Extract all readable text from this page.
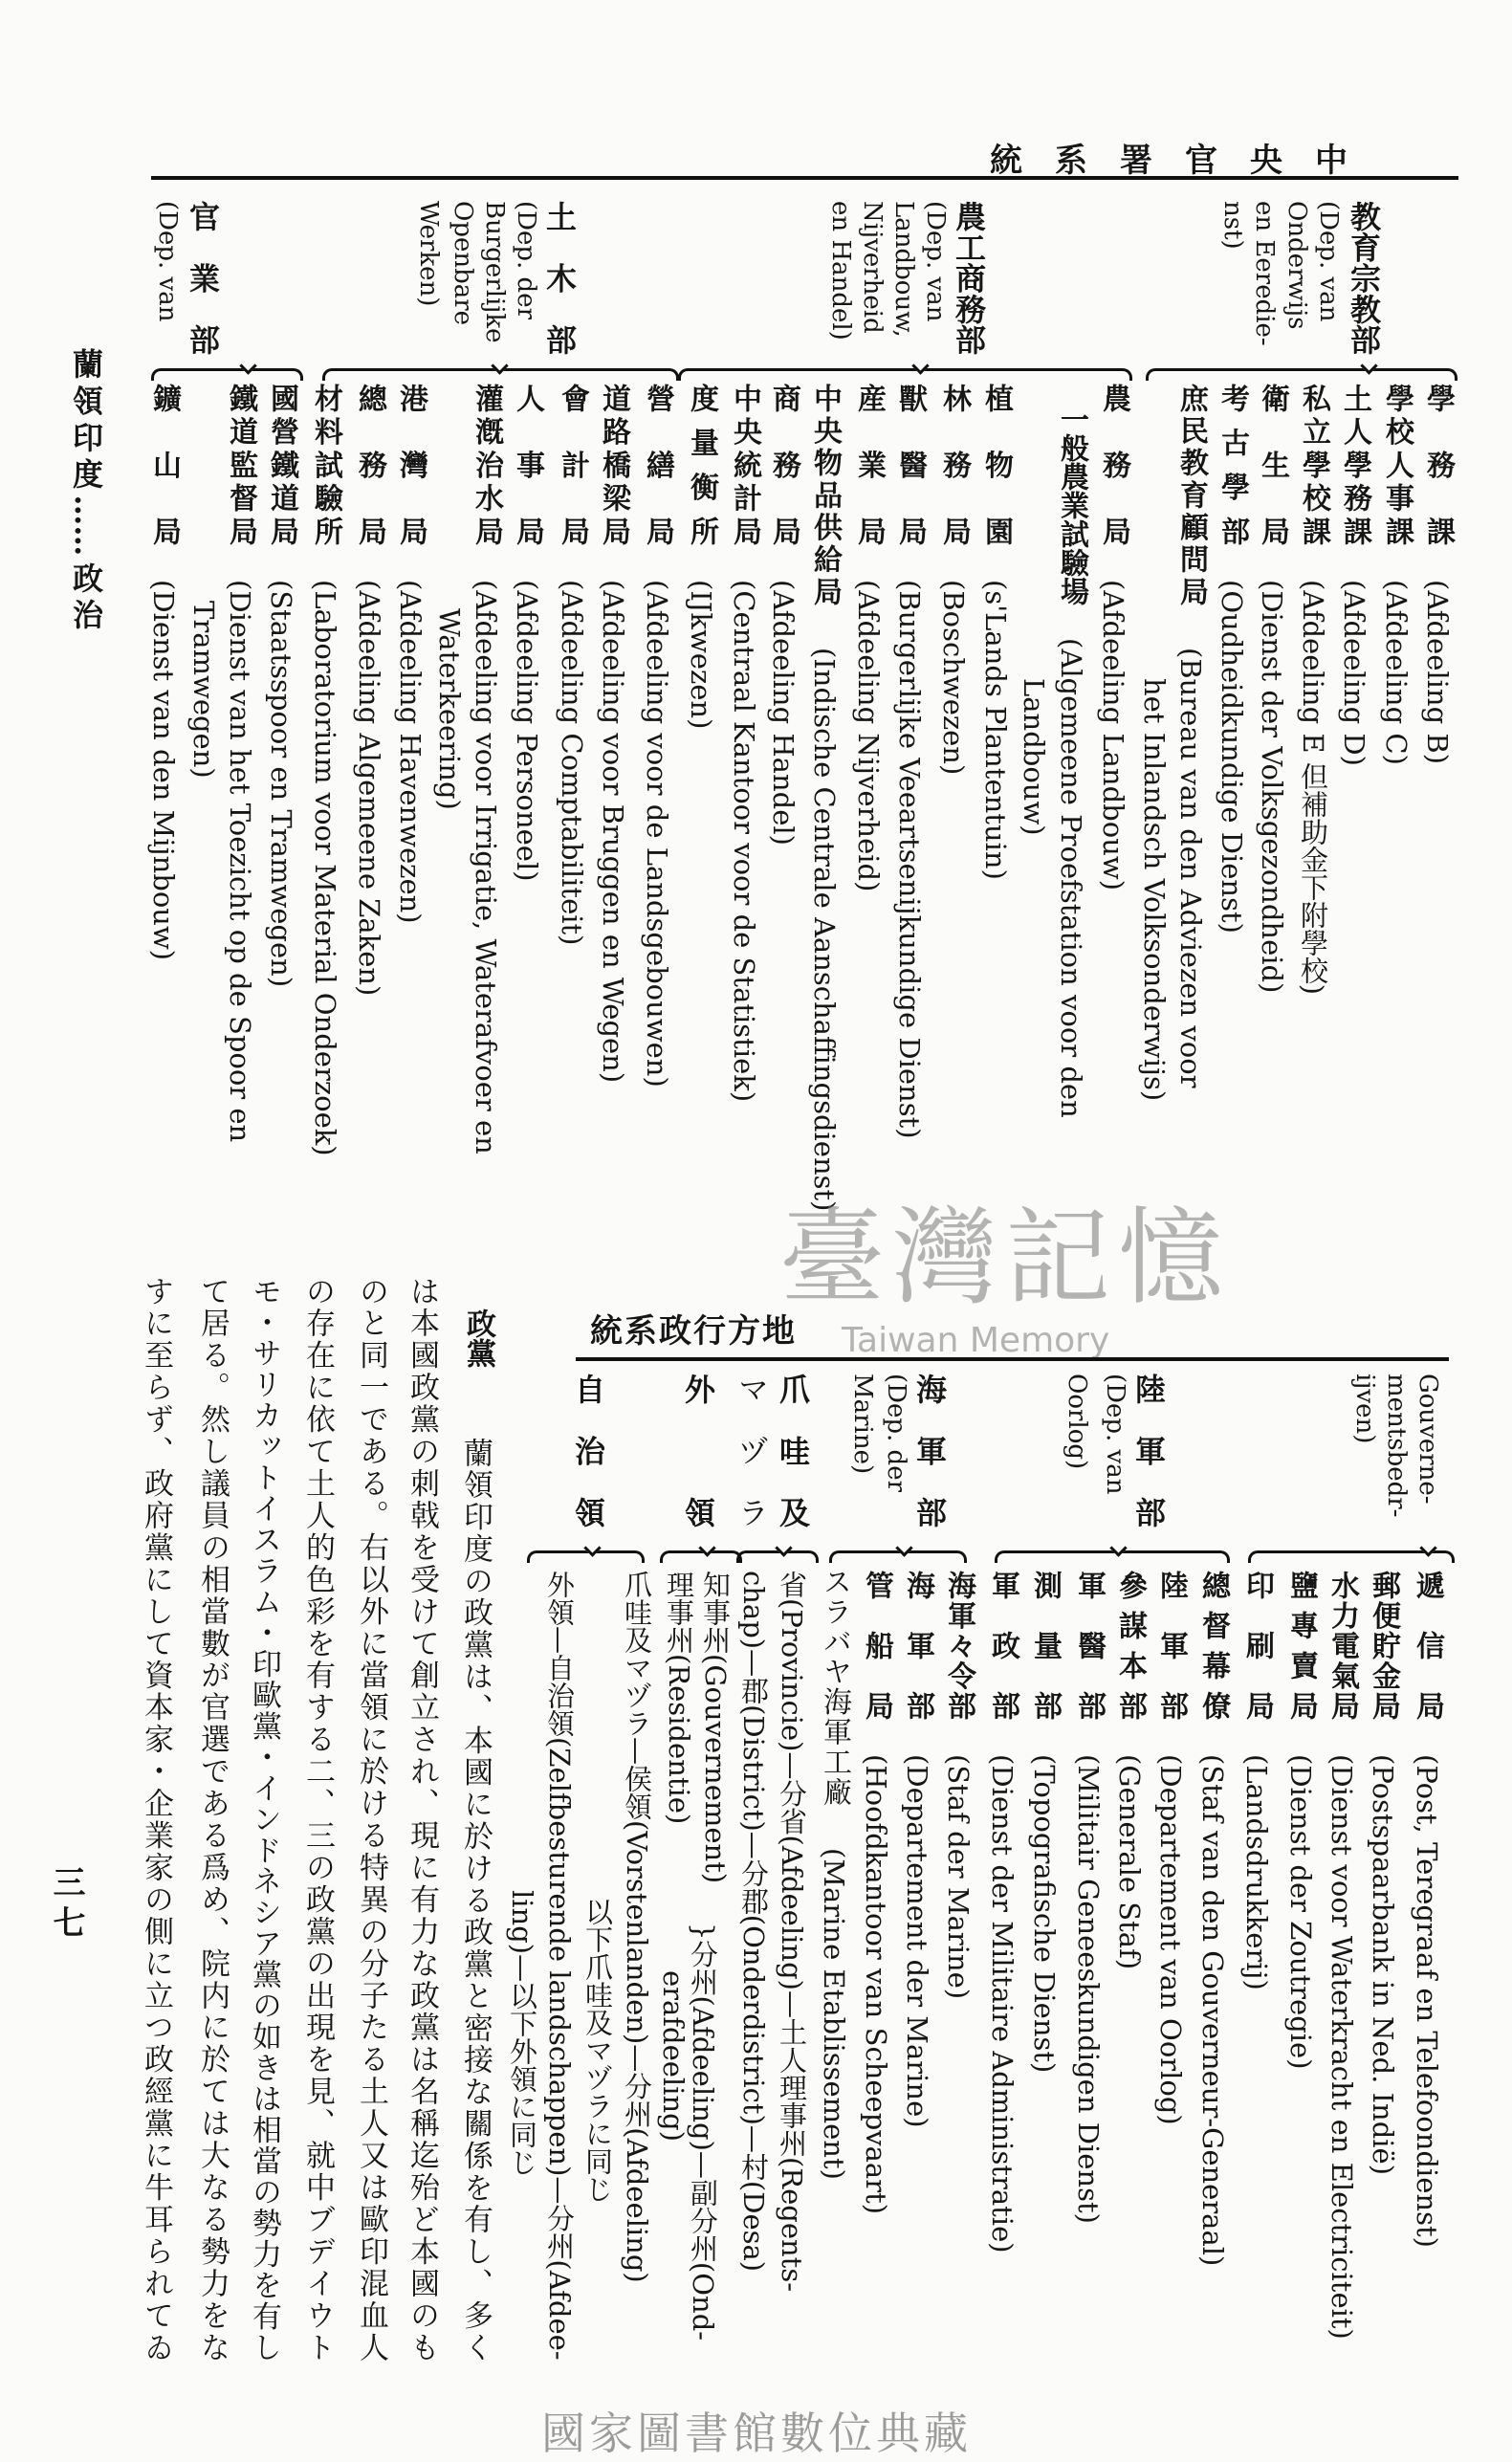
蘭領印度……政治
三七
中央官署系統
教育宗教部
(Dep. van
Onderwijs
en Eeredie-
nst)
學務課(Afdeeling B)
學校人事課(Afdeeling C)
土人學務課(Afdeeling D)
私立學校課(Afdeeling E 但補助金下附學校)
衛生局(Dienst der Volksgezondheid)
考古學部(Oudheidkundige Dienst)
庶民教育顧問局(Bureau van den Adviezen voor
het Inlandsch Volksonderwijs)
農工商務部
(Dep. van
Landbouw,
Nijverheid
en Handel)
農務局(Afdeeling Landbouw)
一般農業試驗場(Algemeene Proefstation voor den
Landbouw)
植物園(s'Lands Plantentuin)
林務局(Boschwezen)
獸醫局(Burgerlijke Veeartsenijkundige Dienst)
産業局(Afdeeling Nijverheid)
中央物品供給局(Indische Centrale Aanschaffingsdienst)
商務局(Afdeeling Handel)
中央統計局(Centraal Kantoor voor de Statistiek)
度量衡所(IJkwezen)
土木部
(Dep. der
Burgerlijke
Openbare
Werken)
營繕局(Afdeeling voor de Landsgebouwen)
道路橋梁局(Afdeeling voor Bruggen en Wegen)
會計局(Afdeeling Comptabiliteit)
人事局(Afdeeling Personeel)
灌漑治水局(Afdeeling voor Irrigatie, Waterafvoer en
Waterkeering)
港灣局(Afdeeling Havenwezen)
總務局(Afdeeling Algemeene Zaken)
材料試驗所(Laboratorium voor Material Onderzoek)
官業部
(Dep. van
國營鐵道局(Staatsspoor en Tramwegen)
鐵道監督局(Dienst van het Toezicht op de Spoor en
Tramwegen)
鑛山局(Dienst van den Mijnbouw)
臺灣記憶
Taiwan Memory
地方行政系統
Gouverne-
mentsbedr-
ijven)
遞信局(Post, Teregraaf en Telefoondienst)
郵便貯金局(Postspaarbank in Ned. Indië)
水力電氣局(Dienst voor Waterkracht en Electriciteit)
鹽專賣局(Dienst der Zoutregie)
印刷局(Landsdrukkerij)
陸軍部
(Dep. van
Oorlog)
總督幕僚(Staf van den Gouverneur-Generaal)
陸軍部(Departement van Oorlog)
參謀本部(Generale Staf)
軍醫部(Militair Geneeskundigen Dienst)
測量部(Topografische Dienst)
軍政部(Dienst der Militaire Administratie)
海軍部
(Dep. der
Marine)
海軍々令部(Staf der Marine)
海軍部(Departement der Marine)
管船局(Hoofdkantoor van Scheepvaart)
スラバヤ海軍工廠(Marine Etablissement)
爪哇及
マヅラ
省(Provincie)—分省(Afdeeling)—土人理事州(Regents-
chap)—郡(District)—分郡(Onderdistrict)—村(Desa)
外領
知事州(Gouvernement)
理事州(Residentie)
}分州(Afdeeling)—副分州(Ond-
erafdeeling)
自治領
爪哇及マヅラ—侯領(Vorstenlanden)—分州(Afdeeling)
以下爪哇及マヅラに同じ
外領—自治領(Zelfbesturende landschappen)—分州(Afdee-
ling)—以下外領に同じ
政黨
蘭領印度の政黨は、本國に於ける政黨と密接な關係を有し、多く
は本國政黨の刺戟を受けて創立され、現に有力な政黨は名稱迄殆ど本國のも
のと同一である。右以外に當領に於ける特異の分子たる土人又は歐印混血人
の存在に依て土人的色彩を有する二、三の政黨の出現を見、就中ブデイウト
モ・サリカットイスラム・印歐黨・インドネシア黨の如きは相當の勢力を有し
て居る。然し議員の相當數が官選である爲め、院内に於ては大なる勢力をな
すに至らず、政府黨にして資本家・企業家の側に立つ政經黨に牛耳られてゐ
國家圖書館數位典藏
